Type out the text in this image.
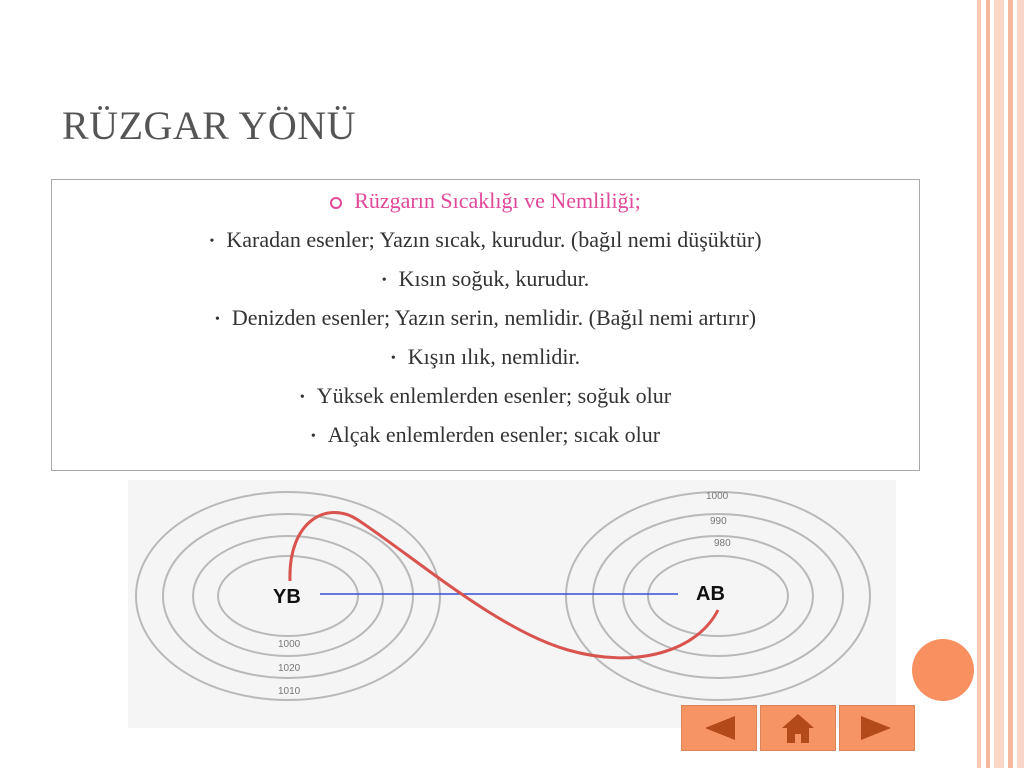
RÜZGAR YÖNÜ
Rüzgarın Sıcaklığı ve Nemliliği;
• Karadan esenler; Yazın sıcak, kurudur. (bağıl nemi düşüktür)
• Kısın soğuk, kurudur.
• Denizden esenler; Yazın serin, nemlidir. (Bağıl nemi artırır)
• Kışın ılık, nemlidir.
• Yüksek enlemlerden esenler; soğuk olur
• Alçak enlemlerden esenler; sıcak olur
1000
1020
1010
1000
990
980
YB	AB
